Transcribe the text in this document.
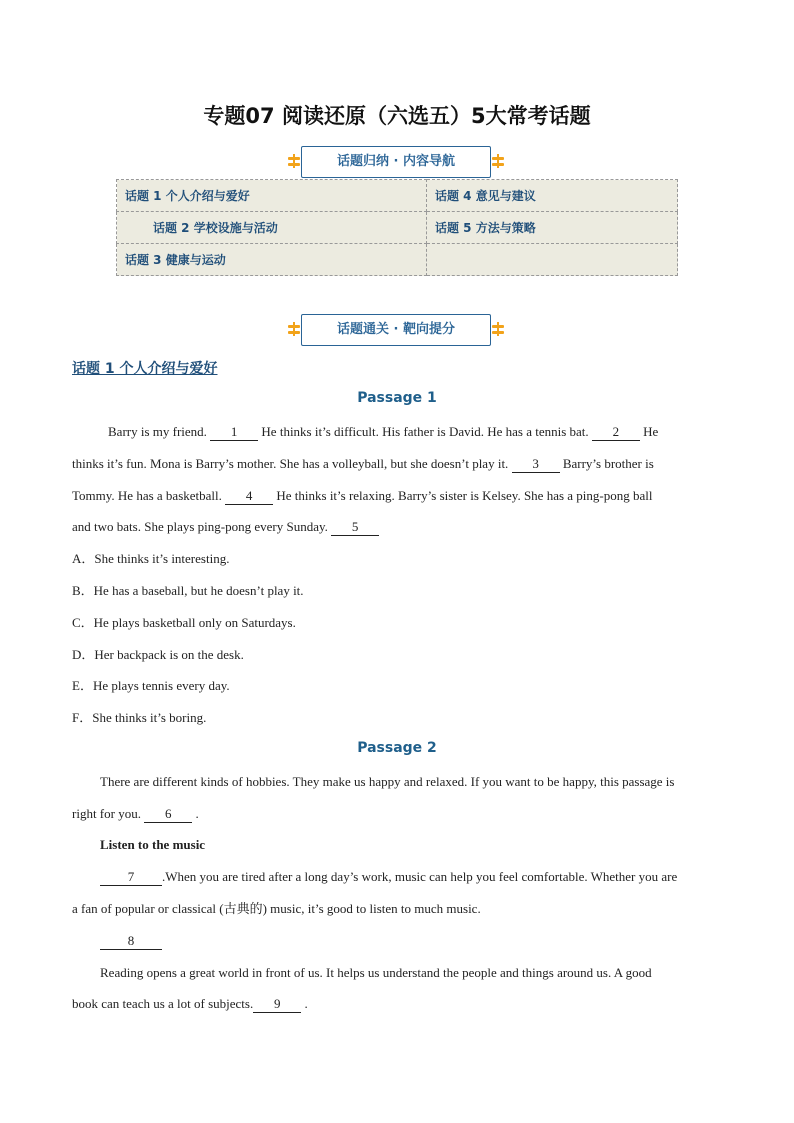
专题07 阅读还原（六选五）5大常考话题
话题归纳 · 内容导航
话题 1 个人介绍与爱好	话题 4 意见与建议
话题 2 学校设施与活动	话题 5 方法与策略
话题 3 健康与运动	
话题通关 · 靶向提分
话题 1 个人介绍与爱好
Passage 1
Barry is my friend. 1 He thinks it’s difficult. His father is David. He has a tennis bat. 2 He
thinks it’s fun. Mona is Barry’s mother. She has a volleyball, but she doesn’t play it. 3 Barry’s brother is
Tommy. He has a basketball. 4 He thinks it’s relaxing. Barry’s sister is Kelsey. She has a ping-pong ball
and two bats. She plays ping-pong every Sunday. 5
A．She thinks it’s interesting.
B．He has a baseball, but he doesn’t play it.
C．He plays basketball only on Saturdays.
D．Her backpack is on the desk.
E．He plays tennis every day.
F．She thinks it’s boring.
Passage 2
There are different kinds of hobbies. They make us happy and relaxed. If you want to be happy, this passage is
right for you. 6 .
Listen to the music
7 .When you are tired after a long day’s work, music can help you feel comfortable. Whether you are
a fan of popular or classical (古典的) music, it’s good to listen to much music.
8
Reading opens a great world in front of us. It helps us understand the people and things around us. A good
book can teach us a lot of subjects. 9 .
